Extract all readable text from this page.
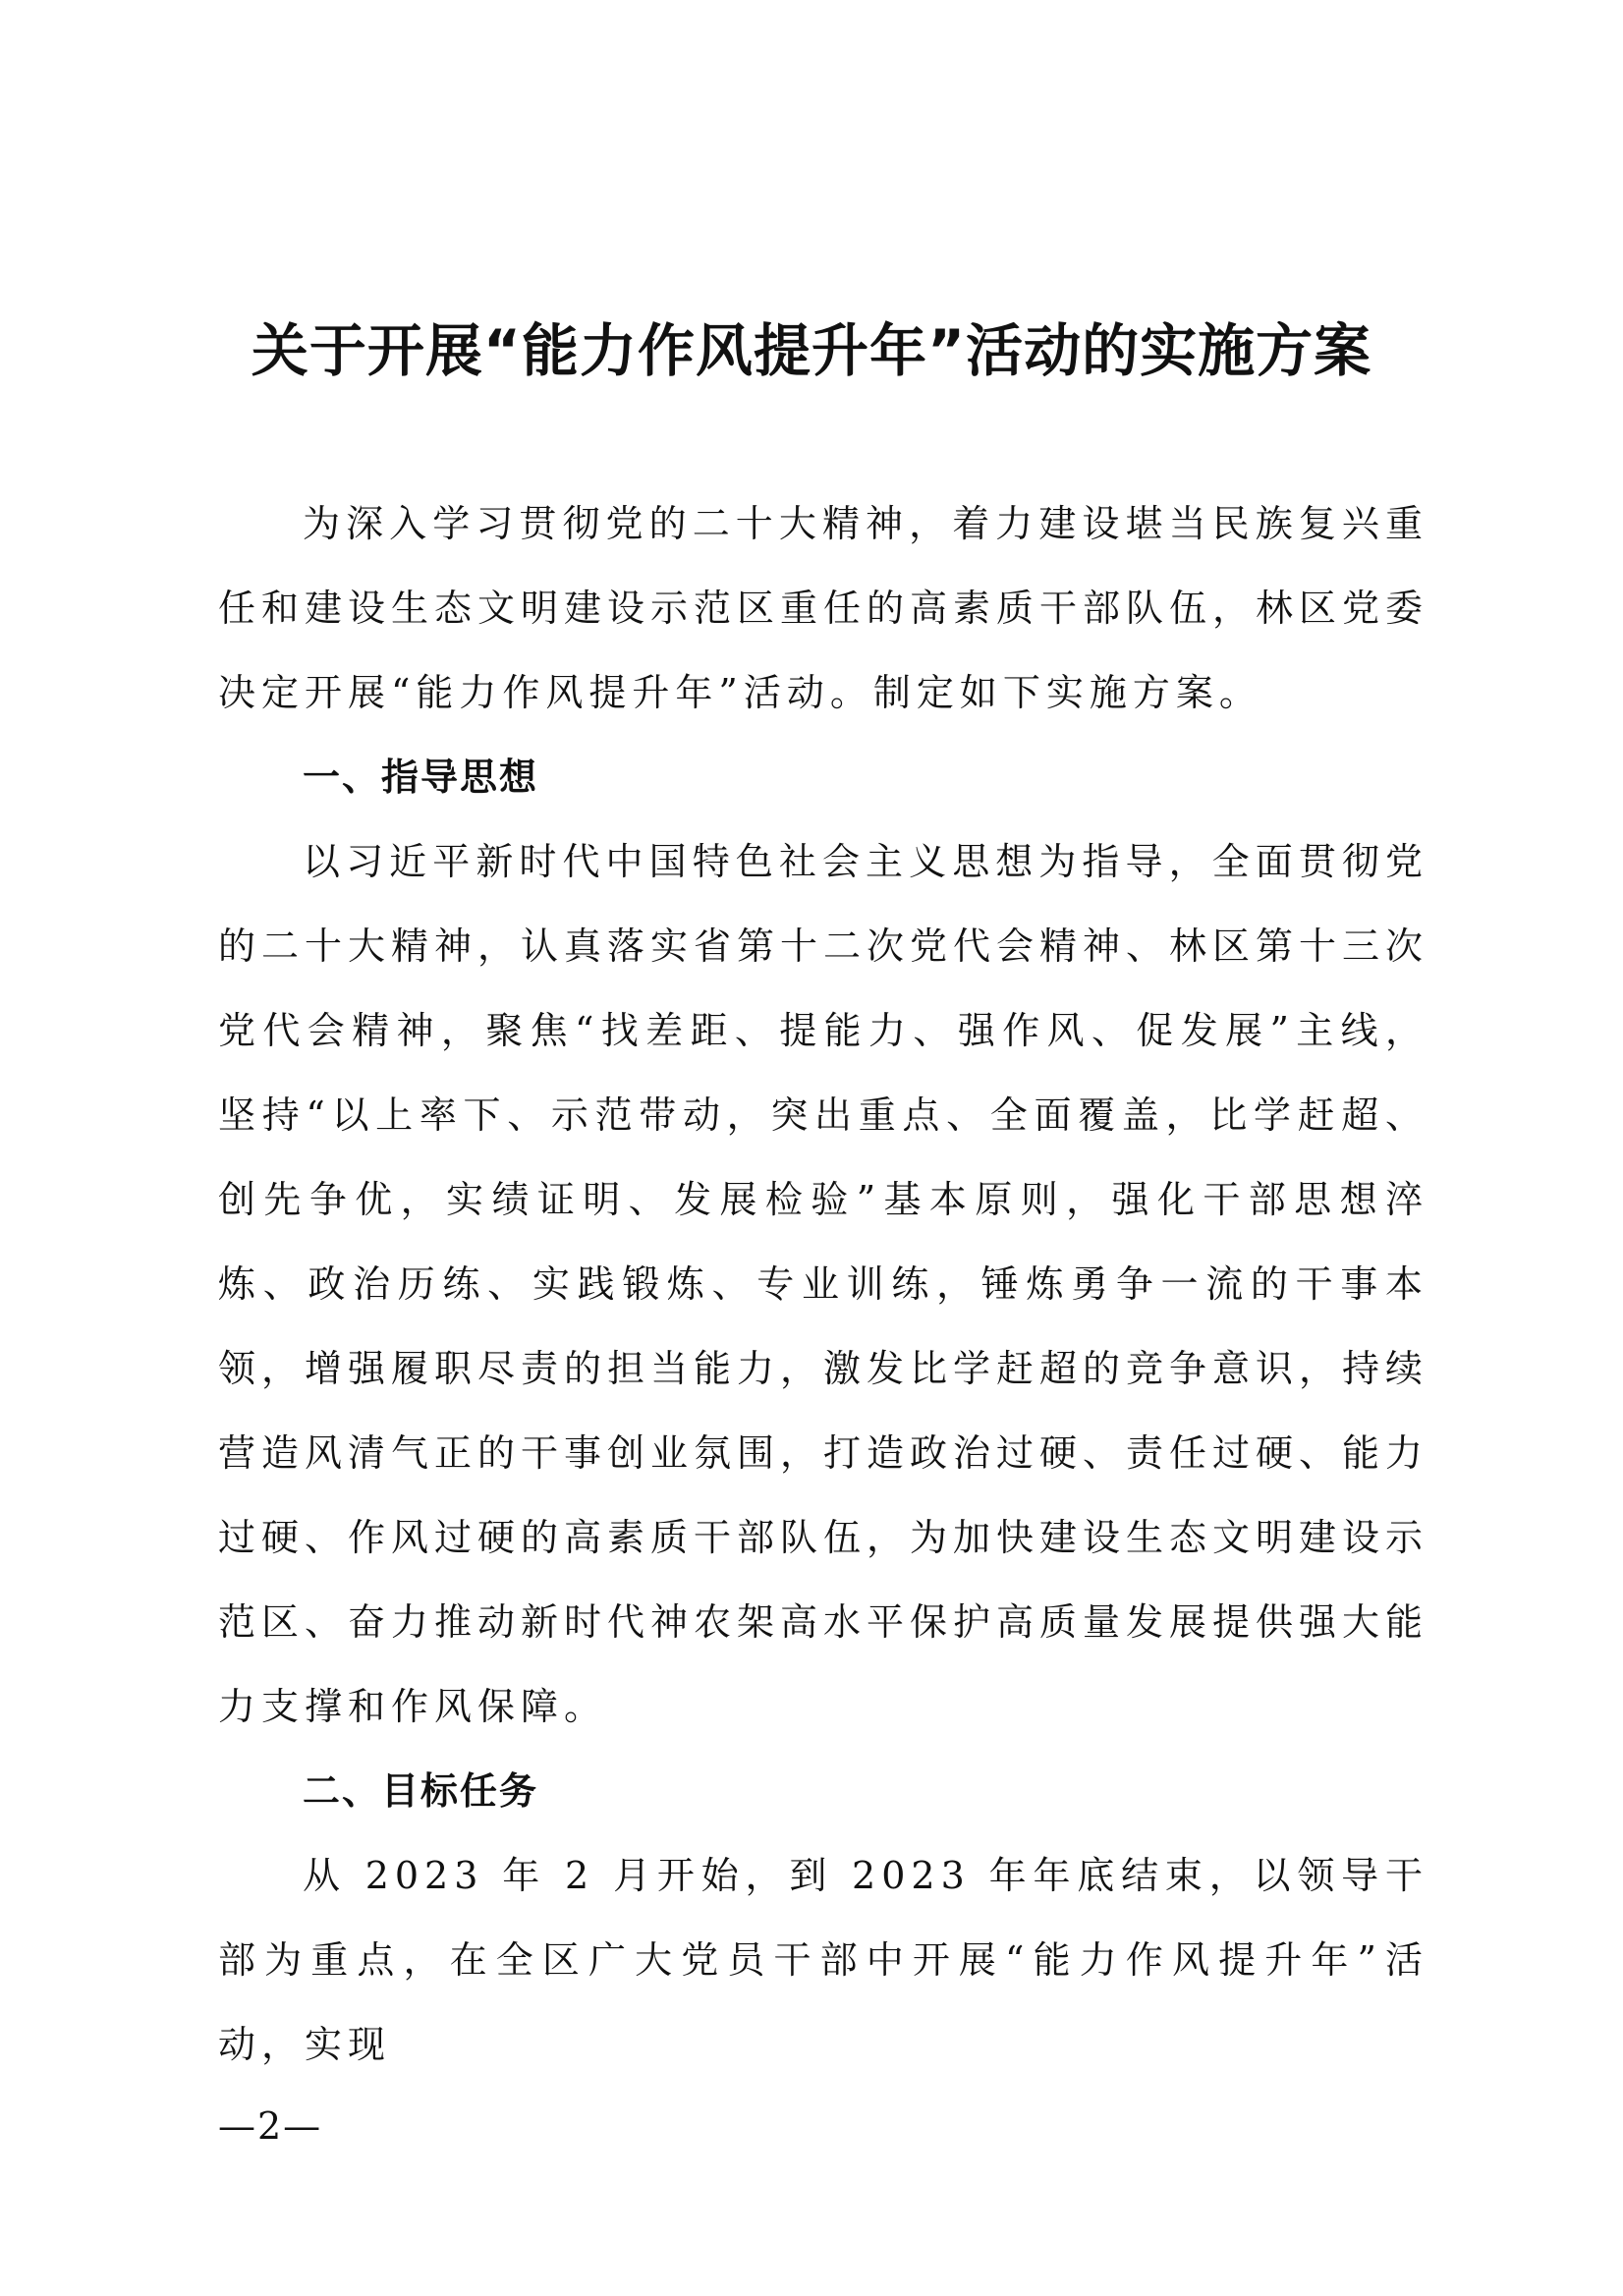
关于开展“能力作风提升年”活动的实施方案

为深入学习贯彻党的二十大精神，着力建设堪当民族复兴重任和建设生态文明建设示范区重任的高素质干部队伍，林区党委决定开展“能力作风提升年”活动。制定如下实施方案。

一、指导思想

以习近平新时代中国特色社会主义思想为指导，全面贯彻党的二十大精神，认真落实省第十二次党代会精神、林区第十三次党代会精神，聚焦“找差距、提能力、强作风、促发展”主线，坚持“以上率下、示范带动，突出重点、全面覆盖，比学赶超、创先争优，实绩证明、发展检验”基本原则，强化干部思想淬炼、政治历练、实践锻炼、专业训练，锤炼勇争一流的干事本领，增强履职尽责的担当能力，激发比学赶超的竞争意识，持续营造风清气正的干事创业氛围，打造政治过硬、责任过硬、能力过硬、作风过硬的高素质干部队伍，为加快建设生态文明建设示范区、奋力推动新时代神农架高水平保护高质量发展提供强大能力支撑和作风保障。

二、目标任务

从 2023 年 2 月开始，到 2023 年年底结束，以领导干部为重点，在全区广大党员干部中开展“能力作风提升年”活动，实现

—2—
